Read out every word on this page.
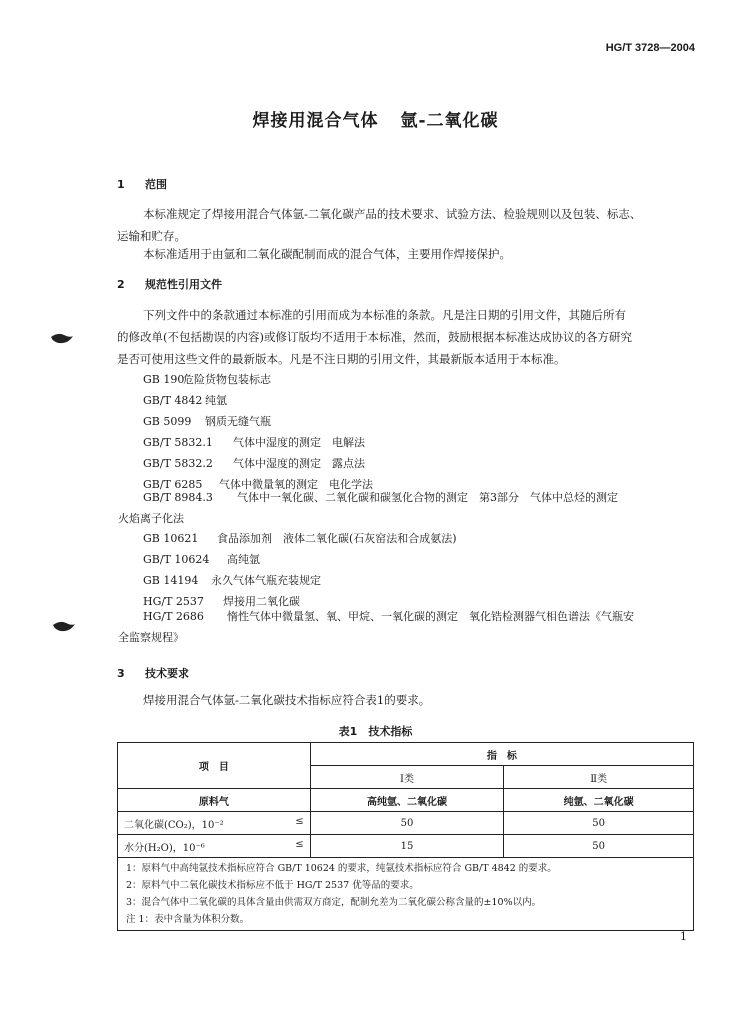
HG/T 3728—2004
焊接用混合气体 氩-二氧化碳
1 范围
本标准规定了焊接用混合气体氩-二氧化碳产品的技术要求、试验方法、检验规则以及包装、标志、
运输和贮存。
本标准适用于由氩和二氧化碳配制而成的混合气体，主要用作焊接保护。
2 规范性引用文件
下列文件中的条款通过本标准的引用而成为本标准的条款。凡是注日期的引用文件，其随后所有
的修改单(不包括勘误的内容)或修订版均不适用于本标准，然而，鼓励根据本标准达成协议的各方研究
是否可使用这些文件的最新版本。凡是不注日期的引用文件，其最新版本适用于本标准。
GB 190危险货物包装标志
GB/T 4842 纯氩
GB 5099 钢质无缝气瓶
GB/T 5832.1 气体中湿度的测定　电解法
GB/T 5832.2 气体中湿度的测定　露点法
GB/T 6285 气体中微量氧的测定　电化学法
GB/T 8984.3 气体中一氧化碳、二氧化碳和碳氢化合物的测定　第3部分　气体中总烃的测定
火焰离子化法
GB 10621 食品添加剂　液体二氧化碳(石灰窑法和合成氨法)
GB/T 10624 高纯氩
GB 14194 永久气体气瓶充装规定
HG/T 2537 焊接用二氧化碳
HG/T 2686 惰性气体中微量氢、氧、甲烷、一氧化碳的测定　氧化锆检测器气相色谱法《气瓶安
全监察规程》
3 技术要求
焊接用混合气体氩-二氧化碳技术指标应符合表1的要求。
表1　技术指标
项　目	指　标	
	Ⅰ类	Ⅱ类
原料气	高纯氩、二氧化碳	纯氩、二氧化碳
二氧化碳(CO₂)，10⁻² ≤	50	50
水分(H₂O)，10⁻⁶ ≤	15	50

1：原料气中高纯氩技术指标应符合 GB/T 10624 的要求，纯氩技术指标应符合 GB/T 4842 的要求。
2：原料气中二氧化碳技术指标应不低于 HG/T 2537 优等品的要求。
3：混合气体中二氧化碳的具体含量由供需双方商定，配制允差为二氧化碳公称含量的±10%以内。
注 1：表中含量为体积分数。		
1
